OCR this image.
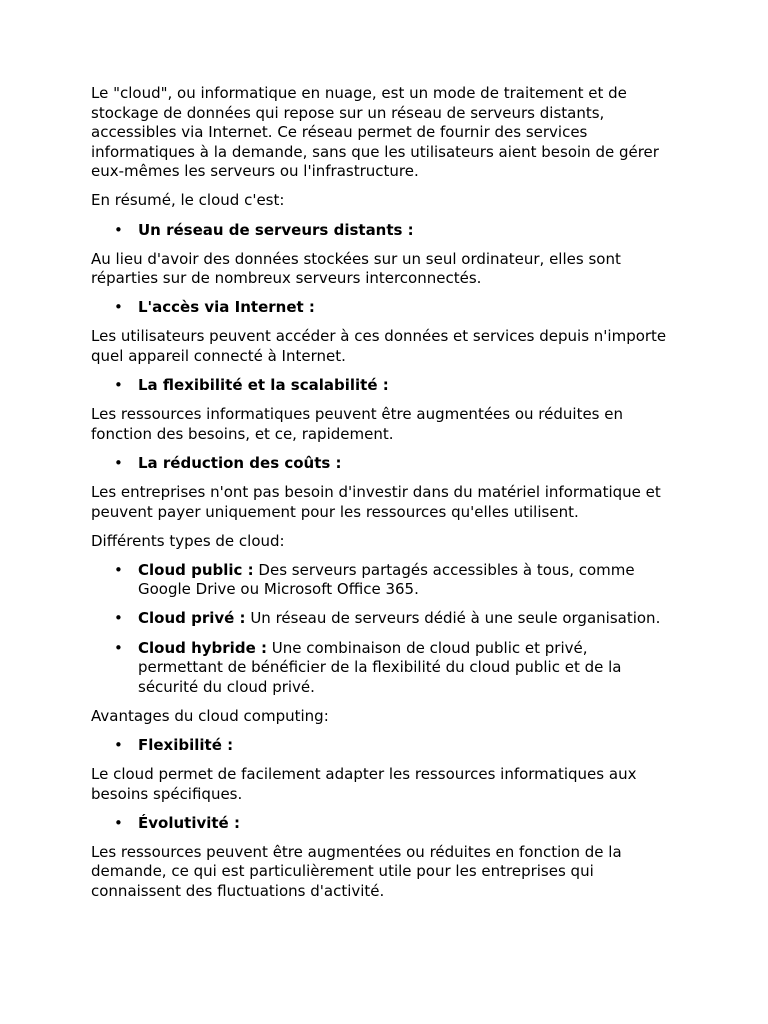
Le "cloud", ou informatique en nuage, est un mode de traitement et de stockage de données qui repose sur un réseau de serveurs distants, accessibles via Internet. Ce réseau permet de fournir des services informatiques à la demande, sans que les utilisateurs aient besoin de gérer eux-mêmes les serveurs ou l'infrastructure.

En résumé, le cloud c'est:

• Un réseau de serveurs distants :

Au lieu d'avoir des données stockées sur un seul ordinateur, elles sont réparties sur de nombreux serveurs interconnectés.

• L'accès via Internet :

Les utilisateurs peuvent accéder à ces données et services depuis n'importe quel appareil connecté à Internet.

• La flexibilité et la scalabilité :

Les ressources informatiques peuvent être augmentées ou réduites en fonction des besoins, et ce, rapidement.

• La réduction des coûts :

Les entreprises n'ont pas besoin d'investir dans du matériel informatique et peuvent payer uniquement pour les ressources qu'elles utilisent.

Différents types de cloud:

• Cloud public : Des serveurs partagés accessibles à tous, comme Google Drive ou Microsoft Office 365.
• Cloud privé : Un réseau de serveurs dédié à une seule organisation.
• Cloud hybride : Une combinaison de cloud public et privé, permettant de bénéficier de la flexibilité du cloud public et de la sécurité du cloud privé.

Avantages du cloud computing:

• Flexibilité :

Le cloud permet de facilement adapter les ressources informatiques aux besoins spécifiques.

• Évolutivité :

Les ressources peuvent être augmentées ou réduites en fonction de la demande, ce qui est particulièrement utile pour les entreprises qui connaissent des fluctuations d'activité.
